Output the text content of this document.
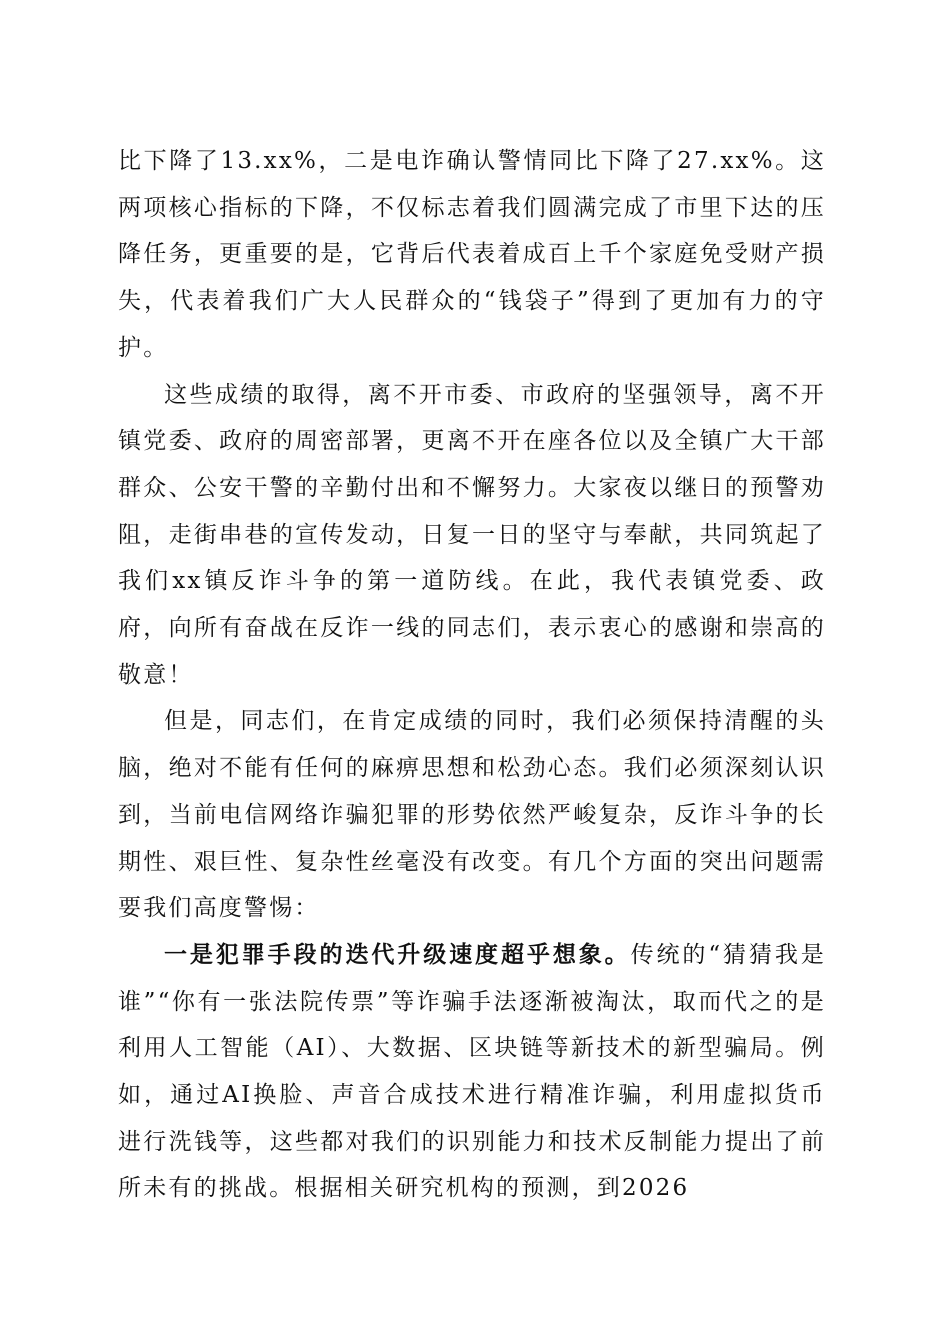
比下降了13.xx%，二是电诈确认警情同比下降了27.xx%。这两项核心指标的下降，不仅标志着我们圆满完成了市里下达的压降任务，更重要的是，它背后代表着成百上千个家庭免受财产损失，代表着我们广大人民群众的“钱袋子”得到了更加有力的守护。

这些成绩的取得，离不开市委、市政府的坚强领导，离不开镇党委、政府的周密部署，更离不开在座各位以及全镇广大干部群众、公安干警的辛勤付出和不懈努力。大家夜以继日的预警劝阻，走街串巷的宣传发动，日复一日的坚守与奉献，共同筑起了我们xx镇反诈斗争的第一道防线。在此，我代表镇党委、政府，向所有奋战在反诈一线的同志们，表示衷心的感谢和崇高的敬意！

但是，同志们，在肯定成绩的同时，我们必须保持清醒的头脑，绝对不能有任何的麻痹思想和松劲心态。我们必须深刻认识到，当前电信网络诈骗犯罪的形势依然严峻复杂，反诈斗争的长期性、艰巨性、复杂性丝毫没有改变。有几个方面的突出问题需要我们高度警惕：

一是犯罪手段的迭代升级速度超乎想象。传统的“猜猜我是谁”“你有一张法院传票”等诈骗手法逐渐被淘汰，取而代之的是利用人工智能（AI）、大数据、区块链等新技术的新型骗局。例如，通过AI换脸、声音合成技术进行精准诈骗，利用虚拟货币进行洗钱等，这些都对我们的识别能力和技术反制能力提出了前所未有的挑战。根据相关研究机构的预测，到2026
